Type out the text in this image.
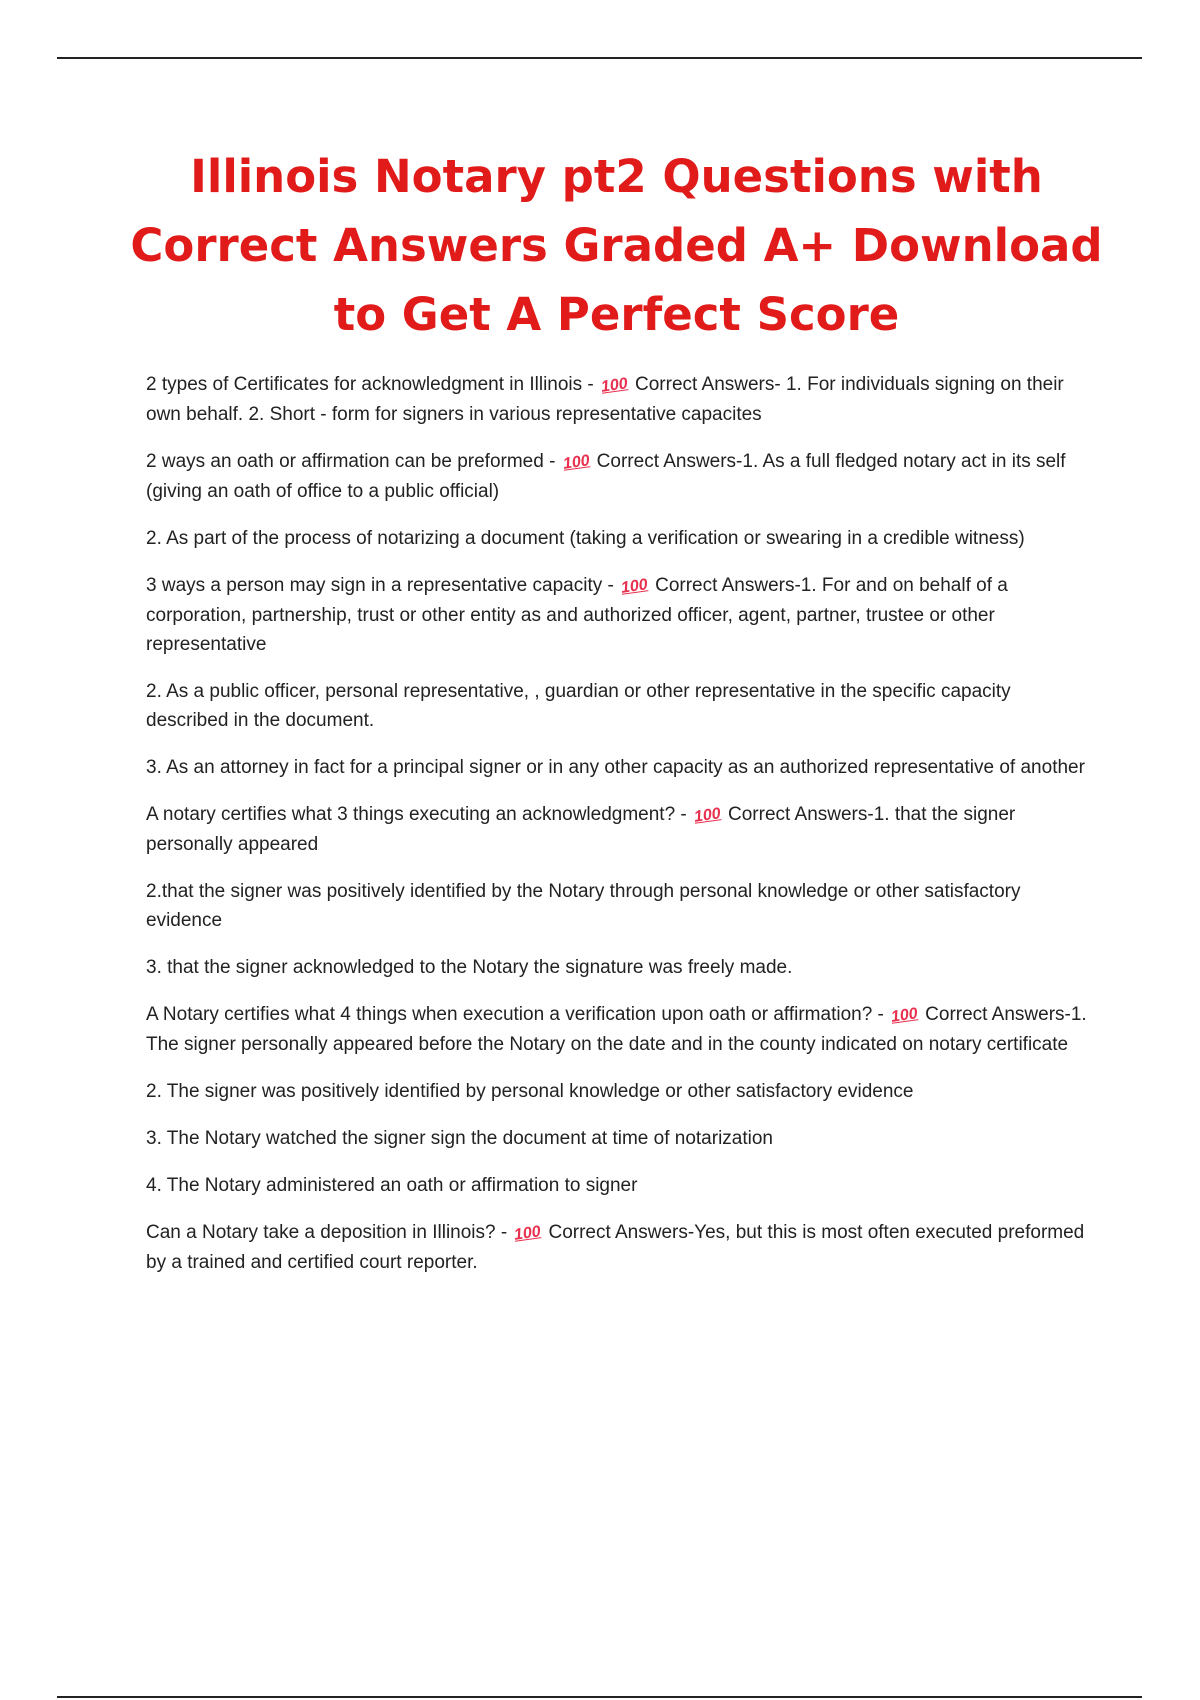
Illinois Notary pt2 Questions with Correct Answers Graded A+ Download to Get A Perfect Score

2 types of Certificates for acknowledgment in Illinois - 100 Correct Answers- 1. For individuals signing on their own behalf. 2. Short - form for signers in various representative capacites

2 ways an oath or affirmation can be preformed - 100 Correct Answers-1. As a full fledged notary act in its self (giving an oath of office to a public official)

2. As part of the process of notarizing a document (taking a verification or swearing in a credible witness)

3 ways a person may sign in a representative capacity - 100 Correct Answers-1. For and on behalf of a corporation, partnership, trust or other entity as and authorized officer, agent, partner, trustee or other representative

2. As a public officer, personal representative, , guardian or other representative in the specific capacity described in the document.

3. As an attorney in fact for a principal signer or in any other capacity as an authorized representative of another

A notary certifies what 3 things executing an acknowledgment? - 100 Correct Answers-1. that the signer personally appeared

2.that the signer was positively identified by the Notary through personal knowledge or other satisfactory evidence

3. that the signer acknowledged to the Notary the signature was freely made.

A Notary certifies what 4 things when execution a verification upon oath or affirmation? - 100 Correct Answers-1. The signer personally appeared before the Notary on the date and in the county indicated on notary certificate

2. The signer was positively identified by personal knowledge or other satisfactory evidence

3. The Notary watched the signer sign the document at time of notarization

4. The Notary administered an oath or affirmation to signer

Can a Notary take a deposition in Illinois? - 100 Correct Answers-Yes, but this is most often executed preformed by a trained and certified court reporter.
